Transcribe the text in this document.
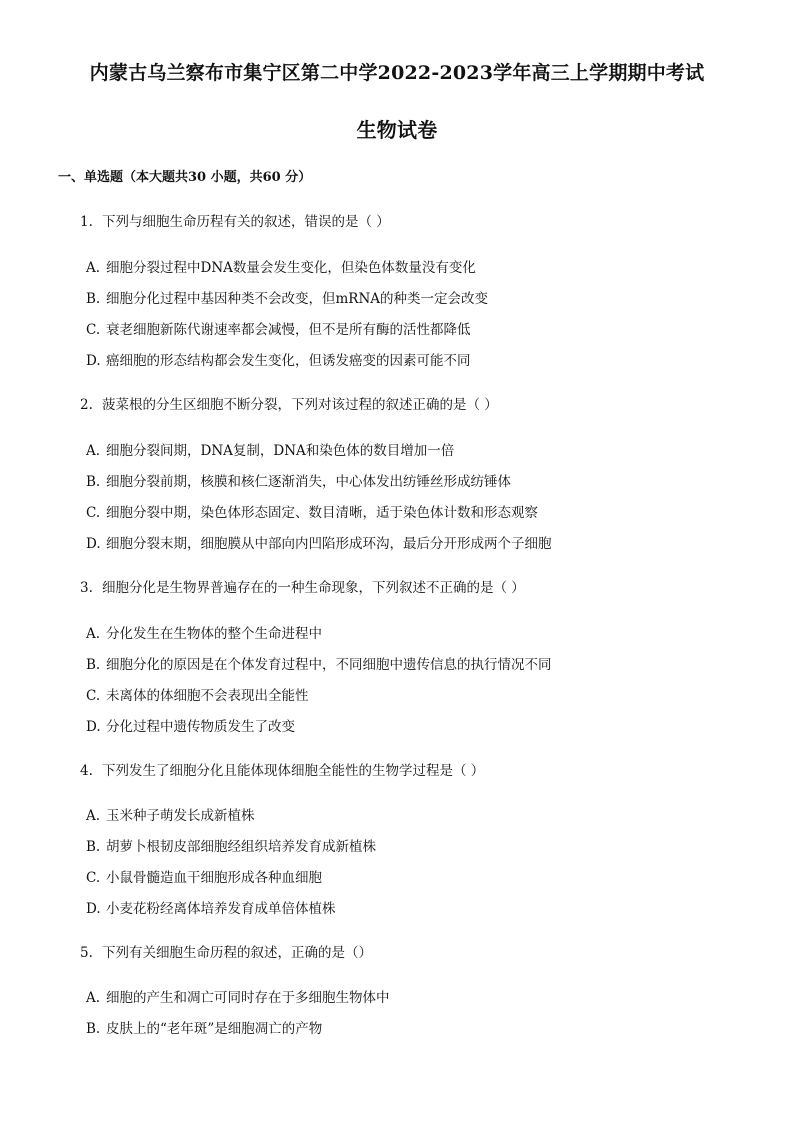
内蒙古乌兰察布市集宁区第二中学2022-2023学年高三上学期期中考试
生物试卷
一、单选题（本大题共30 小题，共60 分）
1. 下列与细胞生命历程有关的叙述，错误的是（ ）
A. 细胞分裂过程中DNA数量会发生变化，但染色体数量没有变化
B. 细胞分化过程中基因种类不会改变，但mRNA的种类一定会改变
C. 衰老细胞新陈代谢速率都会减慢，但不是所有酶的活性都降低
D. 癌细胞的形态结构都会发生变化，但诱发癌变的因素可能不同
2. 菠菜根的分生区细胞不断分裂，下列对该过程的叙述正确的是（ ）
A. 细胞分裂间期，DNA复制，DNA和染色体的数目增加一倍
B. 细胞分裂前期，核膜和核仁逐渐消失，中心体发出纺锤丝形成纺锤体
C. 细胞分裂中期，染色体形态固定、数目清晰，适于染色体计数和形态观察
D. 细胞分裂末期，细胞膜从中部向内凹陷形成环沟，最后分开形成两个子细胞
3. 细胞分化是生物界普遍存在的一种生命现象，下列叙述不正确的是（ ）
A. 分化发生在生物体的整个生命进程中
B. 细胞分化的原因是在个体发育过程中，不同细胞中遗传信息的执行情况不同
C. 未离体的体细胞不会表现出全能性
D. 分化过程中遗传物质发生了改变
4. 下列发生了细胞分化且能体现体细胞全能性的生物学过程是（ ）
A. 玉米种子萌发长成新植株
B. 胡萝卜根韧皮部细胞经组织培养发育成新植株
C. 小鼠骨髓造血干细胞形成各种血细胞
D. 小麦花粉经离体培养发育成单倍体植株
5. 下列有关细胞生命历程的叙述，正确的是（）
A. 细胞的产生和凋亡可同时存在于多细胞生物体中
B. 皮肤上的“老年斑”是细胞凋亡的产物
